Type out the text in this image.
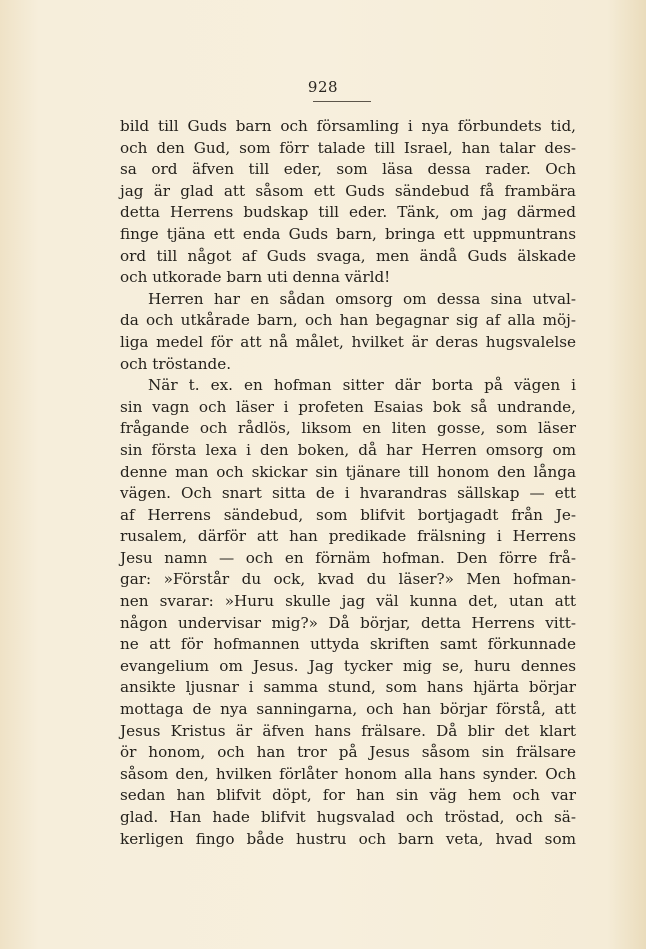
928
bild till Guds barn och församling i nya förbundets tid,
och den Gud, som förr talade till Israel, han talar des-
sa ord äfven till eder, som läsa dessa rader. Och
jag är glad att såsom ett Guds sändebud få frambära
detta Herrens budskap till eder. Tänk, om jag därmed
finge tjäna ett enda Guds barn, bringa ett uppmuntrans
ord till något af Guds svaga, men ändå Guds älskade
och utkorade barn uti denna värld!
Herren har en sådan omsorg om dessa sina utval-
da och utkårade barn, och han begagnar sig af alla möj-
liga medel för att nå målet, hvilket är deras hugsvalelse
och tröstande.
När t. ex. en hofman sitter där borta på vägen i
sin vagn och läser i profeten Esaias bok så undrande,
frågande och rådlös, liksom en liten gosse, som läser
sin första lexa i den boken, då har Herren omsorg om
denne man och skickar sin tjänare till honom den långa
vägen. Och snart sitta de i hvarandras sällskap — ett
af Herrens sändebud, som blifvit bortjagadt från Je-
rusalem, därför att han predikade frälsning i Herrens
Jesu namn — och en förnäm hofman. Den förre frå-
gar: »Förstår du ock, kvad du läser?» Men hofman-
nen svarar: »Huru skulle jag väl kunna det, utan att
någon undervisar mig?» Då börjar, detta Herrens vitt-
ne att för hofmannen uttyda skriften samt förkunnade
evangelium om Jesus. Jag tycker mig se, huru dennes
ansikte ljusnar i samma stund, som hans hjärta börjar
mottaga de nya sanningarna, och han börjar förstå, att
Jesus Kristus är äfven hans frälsare. Då blir det klart
ör honom, och han tror på Jesus såsom sin frälsare
såsom den, hvilken förlåter honom alla hans synder. Och
sedan han blifvit döpt, for han sin väg hem och var
glad. Han hade blifvit hugsvalad och tröstad, och sä-
kerligen fingo både hustru och barn veta, hvad som
